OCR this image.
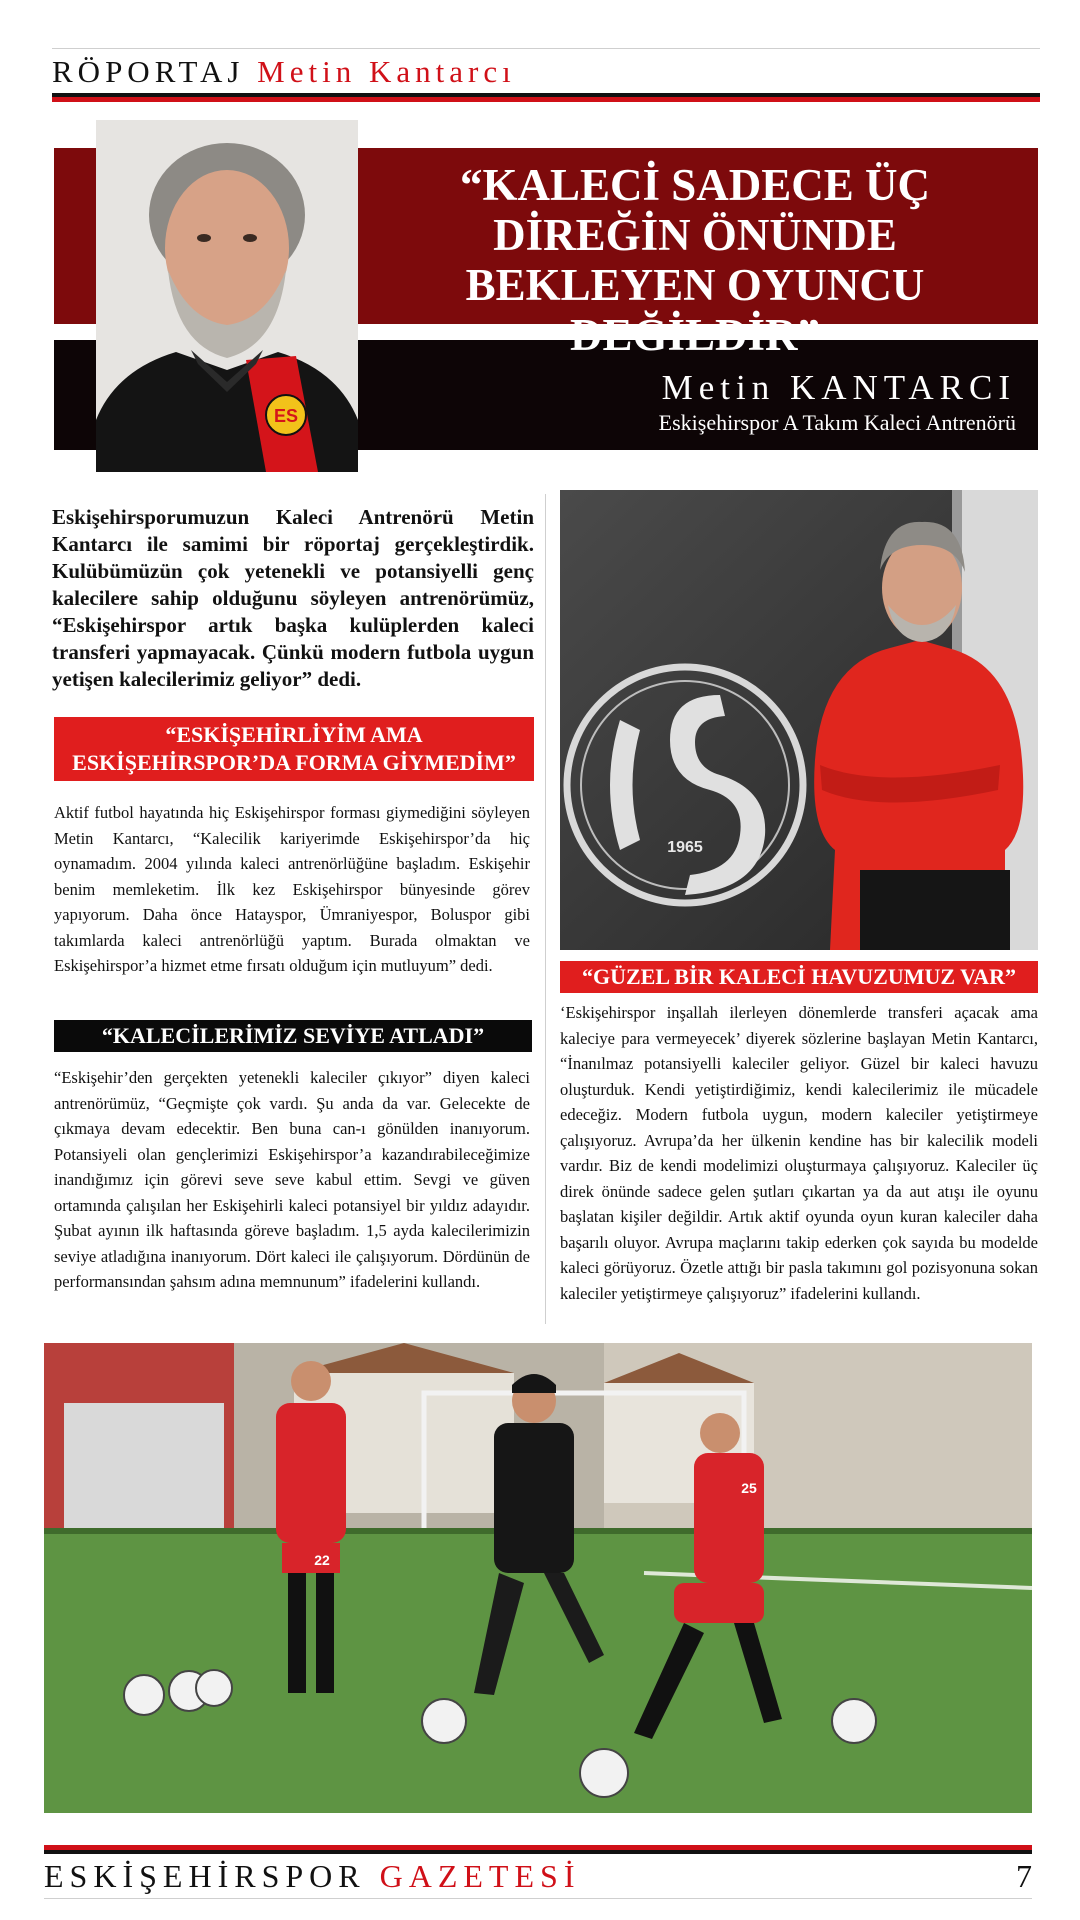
RÖPORTAJ Metin Kantarcı
ES
“KALECİ SADECE ÜÇ DİREĞİN ÖNÜNDE BEKLEYEN OYUNCU DEĞİLDİR”
Metin KANTARCI
Eskişehirspor A Takım Kaleci Antrenörü
Eskişehirsporumuzun Kaleci Antrenörü Metin Kantarcı ile samimi bir röportaj gerçekleştirdik. Kulübümüzün çok yetenekli ve potansiyelli genç kalecilere sahip olduğunu söyleyen antrenörümüz, “Eskişehirspor artık başka kulüplerden kaleci transferi yapmayacak. Çünkü modern futbola uygun yetişen kalecilerimiz geliyor” dedi.
“ESKİŞEHİRLİYİM AMA ESKİŞEHİRSPOR’DA FORMA GİYMEDİM”
Aktif futbol hayatında hiç Eskişehirspor forması giymediğini söyleyen Metin Kantarcı, “Kalecilik kariyerimde Eskişehirspor’da hiç oynamadım. 2004 yılında kaleci antrenörlüğüne başladım. Eskişehir benim memleketim. İlk kez Eskişehirspor bünyesinde görev yapıyorum. Daha önce Hatayspor, Ümraniyespor, Boluspor gibi takımlarda kaleci antrenörlüğü yaptım. Burada olmaktan ve Eskişehirspor’a hizmet etme fırsatı olduğum için mutluyum” dedi.
“KALECİLERİMİZ SEVİYE ATLADI”
“Eskişehir’den gerçekten yetenekli kaleciler çıkıyor” diyen kaleci antrenörümüz, “Geçmişte çok vardı. Şu anda da var. Gelecekte de çıkmaya devam edecektir. Ben buna can-ı gönülden inanıyorum. Potansiyeli olan gençlerimizi Eskişehirspor’a kazandırabileceğimize inandığımız için görevi seve seve kabul ettim. Sevgi ve güven ortamında çalışılan her Eskişehirli kaleci potansiyel bir yıldız adayıdır. Şubat ayının ilk haftasında göreve başladım. 1,5 ayda kalecilerimizin seviye atladığına inanıyorum. Dört kaleci ile çalışıyorum. Dördünün de performansından şahsım adına memnunum” ifadelerini kullandı.
1965
“GÜZEL BİR KALECİ HAVUZUMUZ VAR”
‘Eskişehirspor inşallah ilerleyen dönemlerde transferi açacak ama kaleciye para vermeyecek’ diyerek sözlerine başlayan Metin Kantarcı, “İnanılmaz potansiyelli kaleciler geliyor. Güzel bir kaleci havuzu oluşturduk. Kendi yetiştirdiğimiz, kendi kalecilerimiz ile mücadele edeceğiz. Modern futbola uygun, modern kaleciler yetiştirmeye çalışıyoruz. Avrupa’da her ülkenin kendine has bir kalecilik modeli vardır. Biz de kendi modelimizi oluşturmaya çalışıyoruz. Kaleciler üç direk önünde sadece gelen şutları çıkartan ya da aut atışı ile oyunu başlatan kişiler değildir. Artık aktif oyunda oyun kuran kaleciler daha başarılı oluyor. Avrupa maçlarını takip ederken çok sayıda bu modelde kaleci görüyoruz. Özetle attığı bir pasla takımını gol pozisyonuna sokan kaleciler yetiştirmeye çalışıyoruz” ifadelerini kullandı.
22
25
ESKİŞEHİRSPOR GAZETESİ	7
